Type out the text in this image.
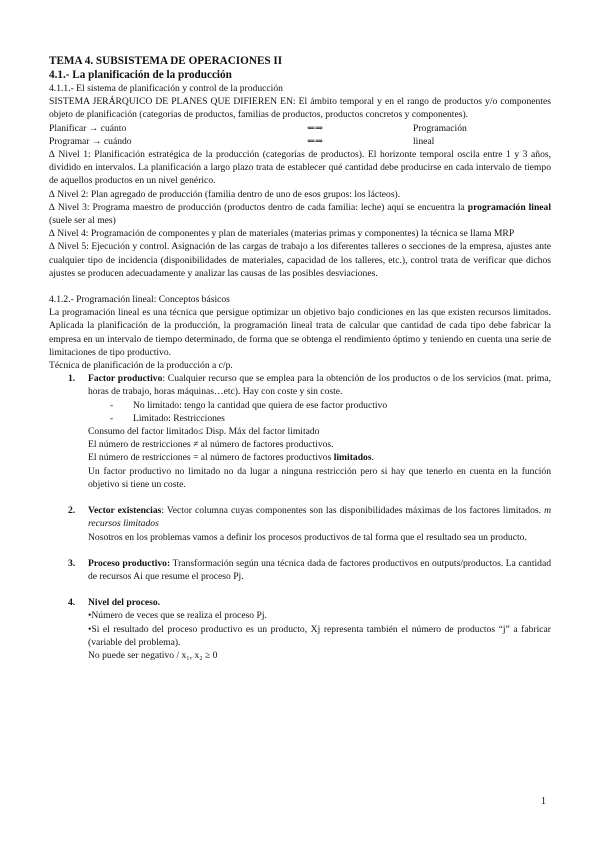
TEMA 4. SUBSISTEMA DE OPERACIONES II
4.1.- La planificación de la producción
4.1.1.- El sistema de planificación y control de la producción
SISTEMA JERÁRQUICO DE PLANES QUE DIFIEREN EN: El ámbito temporal y en el rango de productos y/o componentes objeto de planificación (categorías de productos, familias de productos, productos concretos y componentes).
Planificar → cuánto	⇐⇒	Programación
Programar → cuándo	⇐⇒	lineal
∆ Nivel 1: Planificación estratégica de la producción (categorías de productos). El horizonte temporal oscila entre 1 y 3 años, dividido en intervalos. La planificación a largo plazo trata de establecer qué cantidad debe producirse en cada intervalo de tiempo de aquellos productos en un nivel genérico.
∆ Nivel 2: Plan agregado de producción (familia dentro de uno de esos grupos: los lácteos).
∆ Nivel 3: Programa maestro de producción (productos dentro de cada familia: leche) aquí se encuentra la programación lineal (suele ser al mes)
∆ Nivel 4: Programación de componentes y plan de materiales (materias primas y componentes) la técnica se llama MRP
∆ Nivel 5: Ejecución y control. Asignación de las cargas de trabajo a los diferentes talleres o secciones de la empresa, ajustes ante cualquier tipo de incidencia (disponibilidades de materiales, capacidad de los talleres, etc.), control trata de verificar que dichos ajustes se producen adecuadamente y analizar las causas de las posibles desviaciones.
4.1.2.- Programación lineal: Conceptos básicos
La programación lineal es una técnica que persigue optimizar un objetivo bajo condiciones en las que existen recursos limitados. Aplicada la planificación de la producción, la programación lineal trata de calcular que cantidad de cada tipo debe fabricar la empresa en un intervalo de tiempo determinado, de forma que se obtenga el rendimiento óptimo y teniendo en cuenta una serie de limitaciones de tipo productivo.
Técnica de planificación de la producción a c/p.
1.	Factor productivo: Cualquier recurso que se emplea para la obtención de los productos o de los servicios (mat. prima, horas de trabajo, horas máquinas…etc). Hay con coste y sin coste.
-	No limitado: tengo la cantidad que quiera de ese factor productivo
-	Limitado: Restricciones
Consumo del factor limitado≤ Disp. Máx del factor limitado
El número de restricciones ≠ al número de factores productivos.
El número de restricciones = al número de factores productivos limitados.
Un factor productivo no limitado no da lugar a ninguna restricción pero si hay que tenerlo en cuenta en la función objetivo si tiene un coste.
2.	Vector existencias: Vector columna cuyas componentes son las disponibilidades máximas de los factores limitados. m recursos limitados
Nosotros en los problemas vamos a definir los procesos productivos de tal forma que el resultado sea un producto.
3.	Proceso productivo: Transformación según una técnica dada de factores productivos en outputs/productos. La cantidad de recursos Ai que resume el proceso Pj.
4.	Nivel del proceso.
•Número de veces que se realiza el proceso Pj.
•Si el resultado del proceso productivo es un producto, Xj representa también el número de productos “j” a fabricar (variable del problema).
No puede ser negativo / x₁, x₂ ≥ 0
1
